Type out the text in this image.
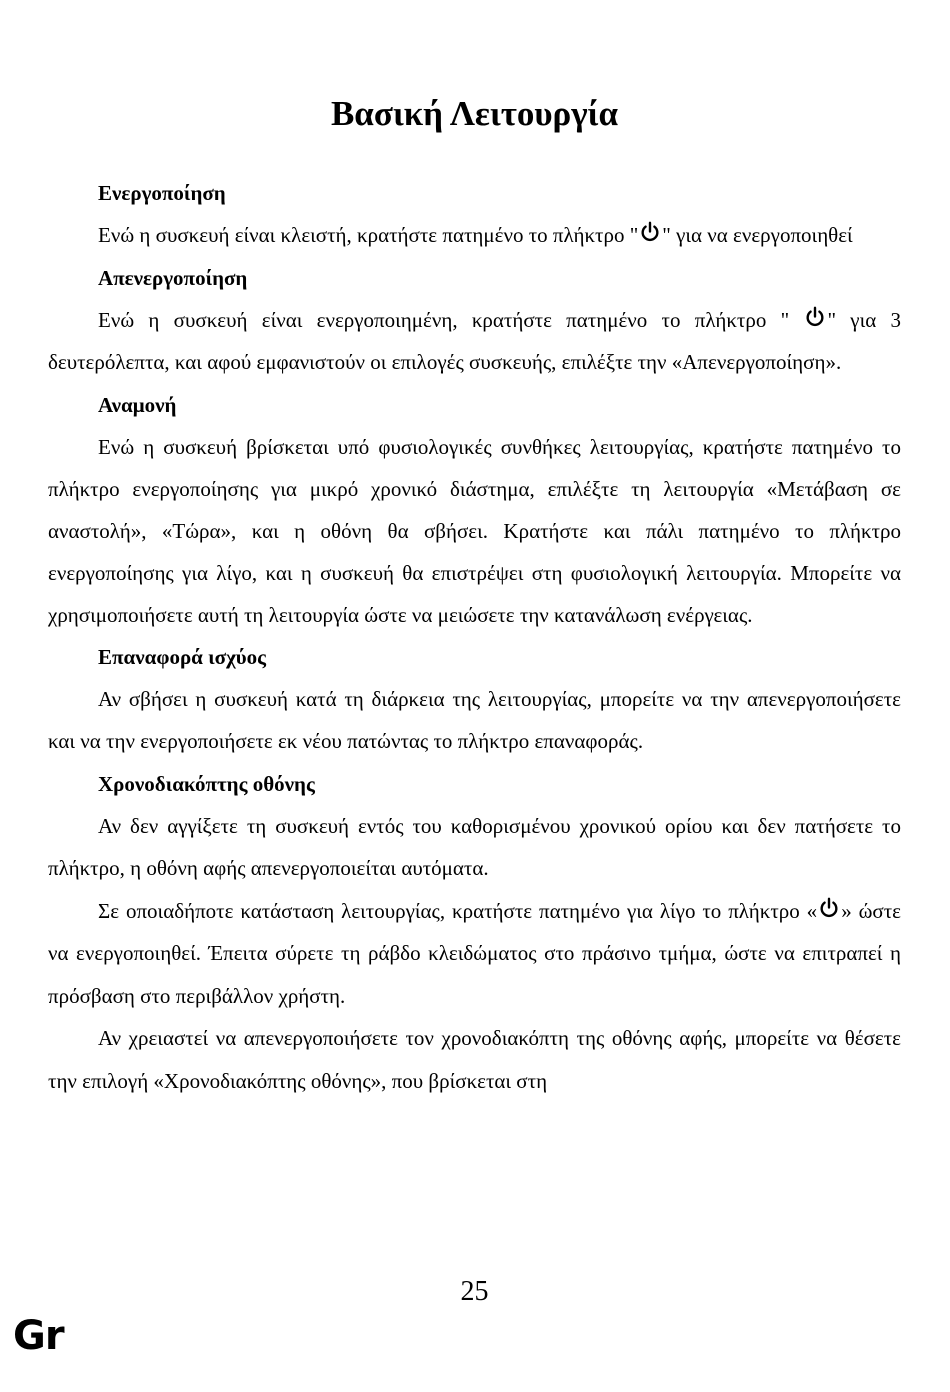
Βασική Λειτουργία
Ενεργοποίηση

Ενώ η συσκευή είναι κλειστή, κρατήστε πατημένο το πλήκτρο " " για να ενεργοποιηθεί

Απενεργοποίηση

Ενώ η συσκευή είναι ενεργοποιημένη, κρατήστε πατημένο το πλήκτρο " " για 3 δευτερόλεπτα, και αφού εμφανιστούν οι επιλογές συσκευής, επιλέξτε την «Απενεργοποίηση».

Αναμονή

Ενώ η συσκευή βρίσκεται υπό φυσιολογικές συνθήκες λειτουργίας, κρατήστε πατημένο το πλήκτρο ενεργοποίησης για μικρό χρονικό διάστημα, επιλέξτε τη λειτουργία «Μετάβαση σε αναστολή», «Τώρα», και η οθόνη θα σβήσει. Κρατήστε και πάλι πατημένο το πλήκτρο ενεργοποίησης για λίγο, και η συσκευή θα επιστρέψει στη φυσιολογική λειτουργία. Μπορείτε να χρησιμοποιήσετε αυτή τη λειτουργία ώστε να μειώσετε την κατανάλωση ενέργειας.

Επαναφορά ισχύος

Αν σβήσει η συσκευή κατά τη διάρκεια της λειτουργίας, μπορείτε να την απενεργοποιήσετε και να την ενεργοποιήσετε εκ νέου πατώντας το πλήκτρο επαναφοράς.

Χρονοδιακόπτης οθόνης

Αν δεν αγγίξετε τη συσκευή εντός του καθορισμένου χρονικού ορίου και δεν πατήσετε το πλήκτρο, η οθόνη αφής απενεργοποιείται αυτόματα.

Σε οποιαδήποτε κατάσταση λειτουργίας, κρατήστε πατημένο για λίγο το πλήκτρο « » ώστε να ενεργοποιηθεί. Έπειτα σύρετε τη ράβδο κλειδώματος στο πράσινο τμήμα, ώστε να επιτραπεί η πρόσβαση στο περιβάλλον χρήστη.

Αν χρειαστεί να απενεργοποιήσετε τον χρονοδιακόπτη της οθόνης αφής, μπορείτε να θέσετε την επιλογή «Χρονοδιακόπτης οθόνης», που βρίσκεται στη

25
Gr
